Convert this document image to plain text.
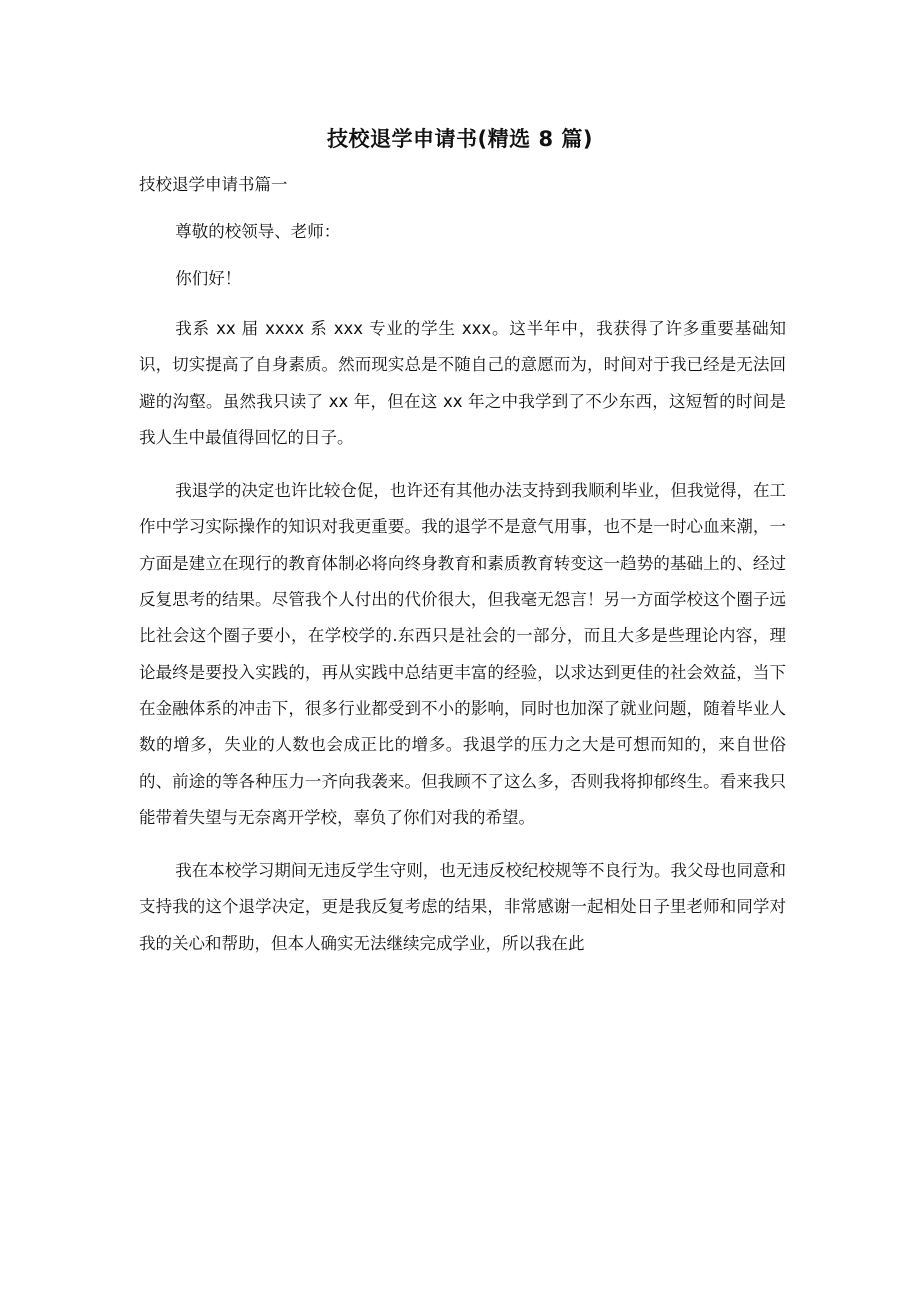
技校退学申请书(精选 8 篇)

技校退学申请书篇一

尊敬的校领导、老师：

你们好！

我系 xx 届 xxxx 系 xxx 专业的学生 xxx。这半年中，我获得了许多重要基础知识，切实提高了自身素质。然而现实总是不随自己的意愿而为，时间对于我已经是无法回避的沟壑。虽然我只读了 xx 年，但在这 xx 年之中我学到了不少东西，这短暂的时间是我人生中最值得回忆的日子。

我退学的决定也许比较仓促，也许还有其他办法支持到我顺利毕业，但我觉得，在工作中学习实际操作的知识对我更重要。我的退学不是意气用事，也不是一时心血来潮，一方面是建立在现行的教育体制必将向终身教育和素质教育转变这一趋势的基础上的、经过反复思考的结果。尽管我个人付出的代价很大，但我毫无怨言！另一方面学校这个圈子远比社会这个圈子要小，在学校学的.东西只是社会的一部分，而且大多是些理论内容，理论最终是要投入实践的，再从实践中总结更丰富的经验，以求达到更佳的社会效益，当下在金融体系的冲击下，很多行业都受到不小的影响，同时也加深了就业问题，随着毕业人数的增多，失业的人数也会成正比的增多。我退学的压力之大是可想而知的，来自世俗的、前途的等各种压力一齐向我袭来。但我顾不了这么多，否则我将抑郁终生。看来我只能带着失望与无奈离开学校，辜负了你们对我的希望。

我在本校学习期间无违反学生守则，也无违反校纪校规等不良行为。我父母也同意和支持我的这个退学决定，更是我反复考虑的结果，非常感谢一起相处日子里老师和同学对我的关心和帮助，但本人确实无法继续完成学业，所以我在此
